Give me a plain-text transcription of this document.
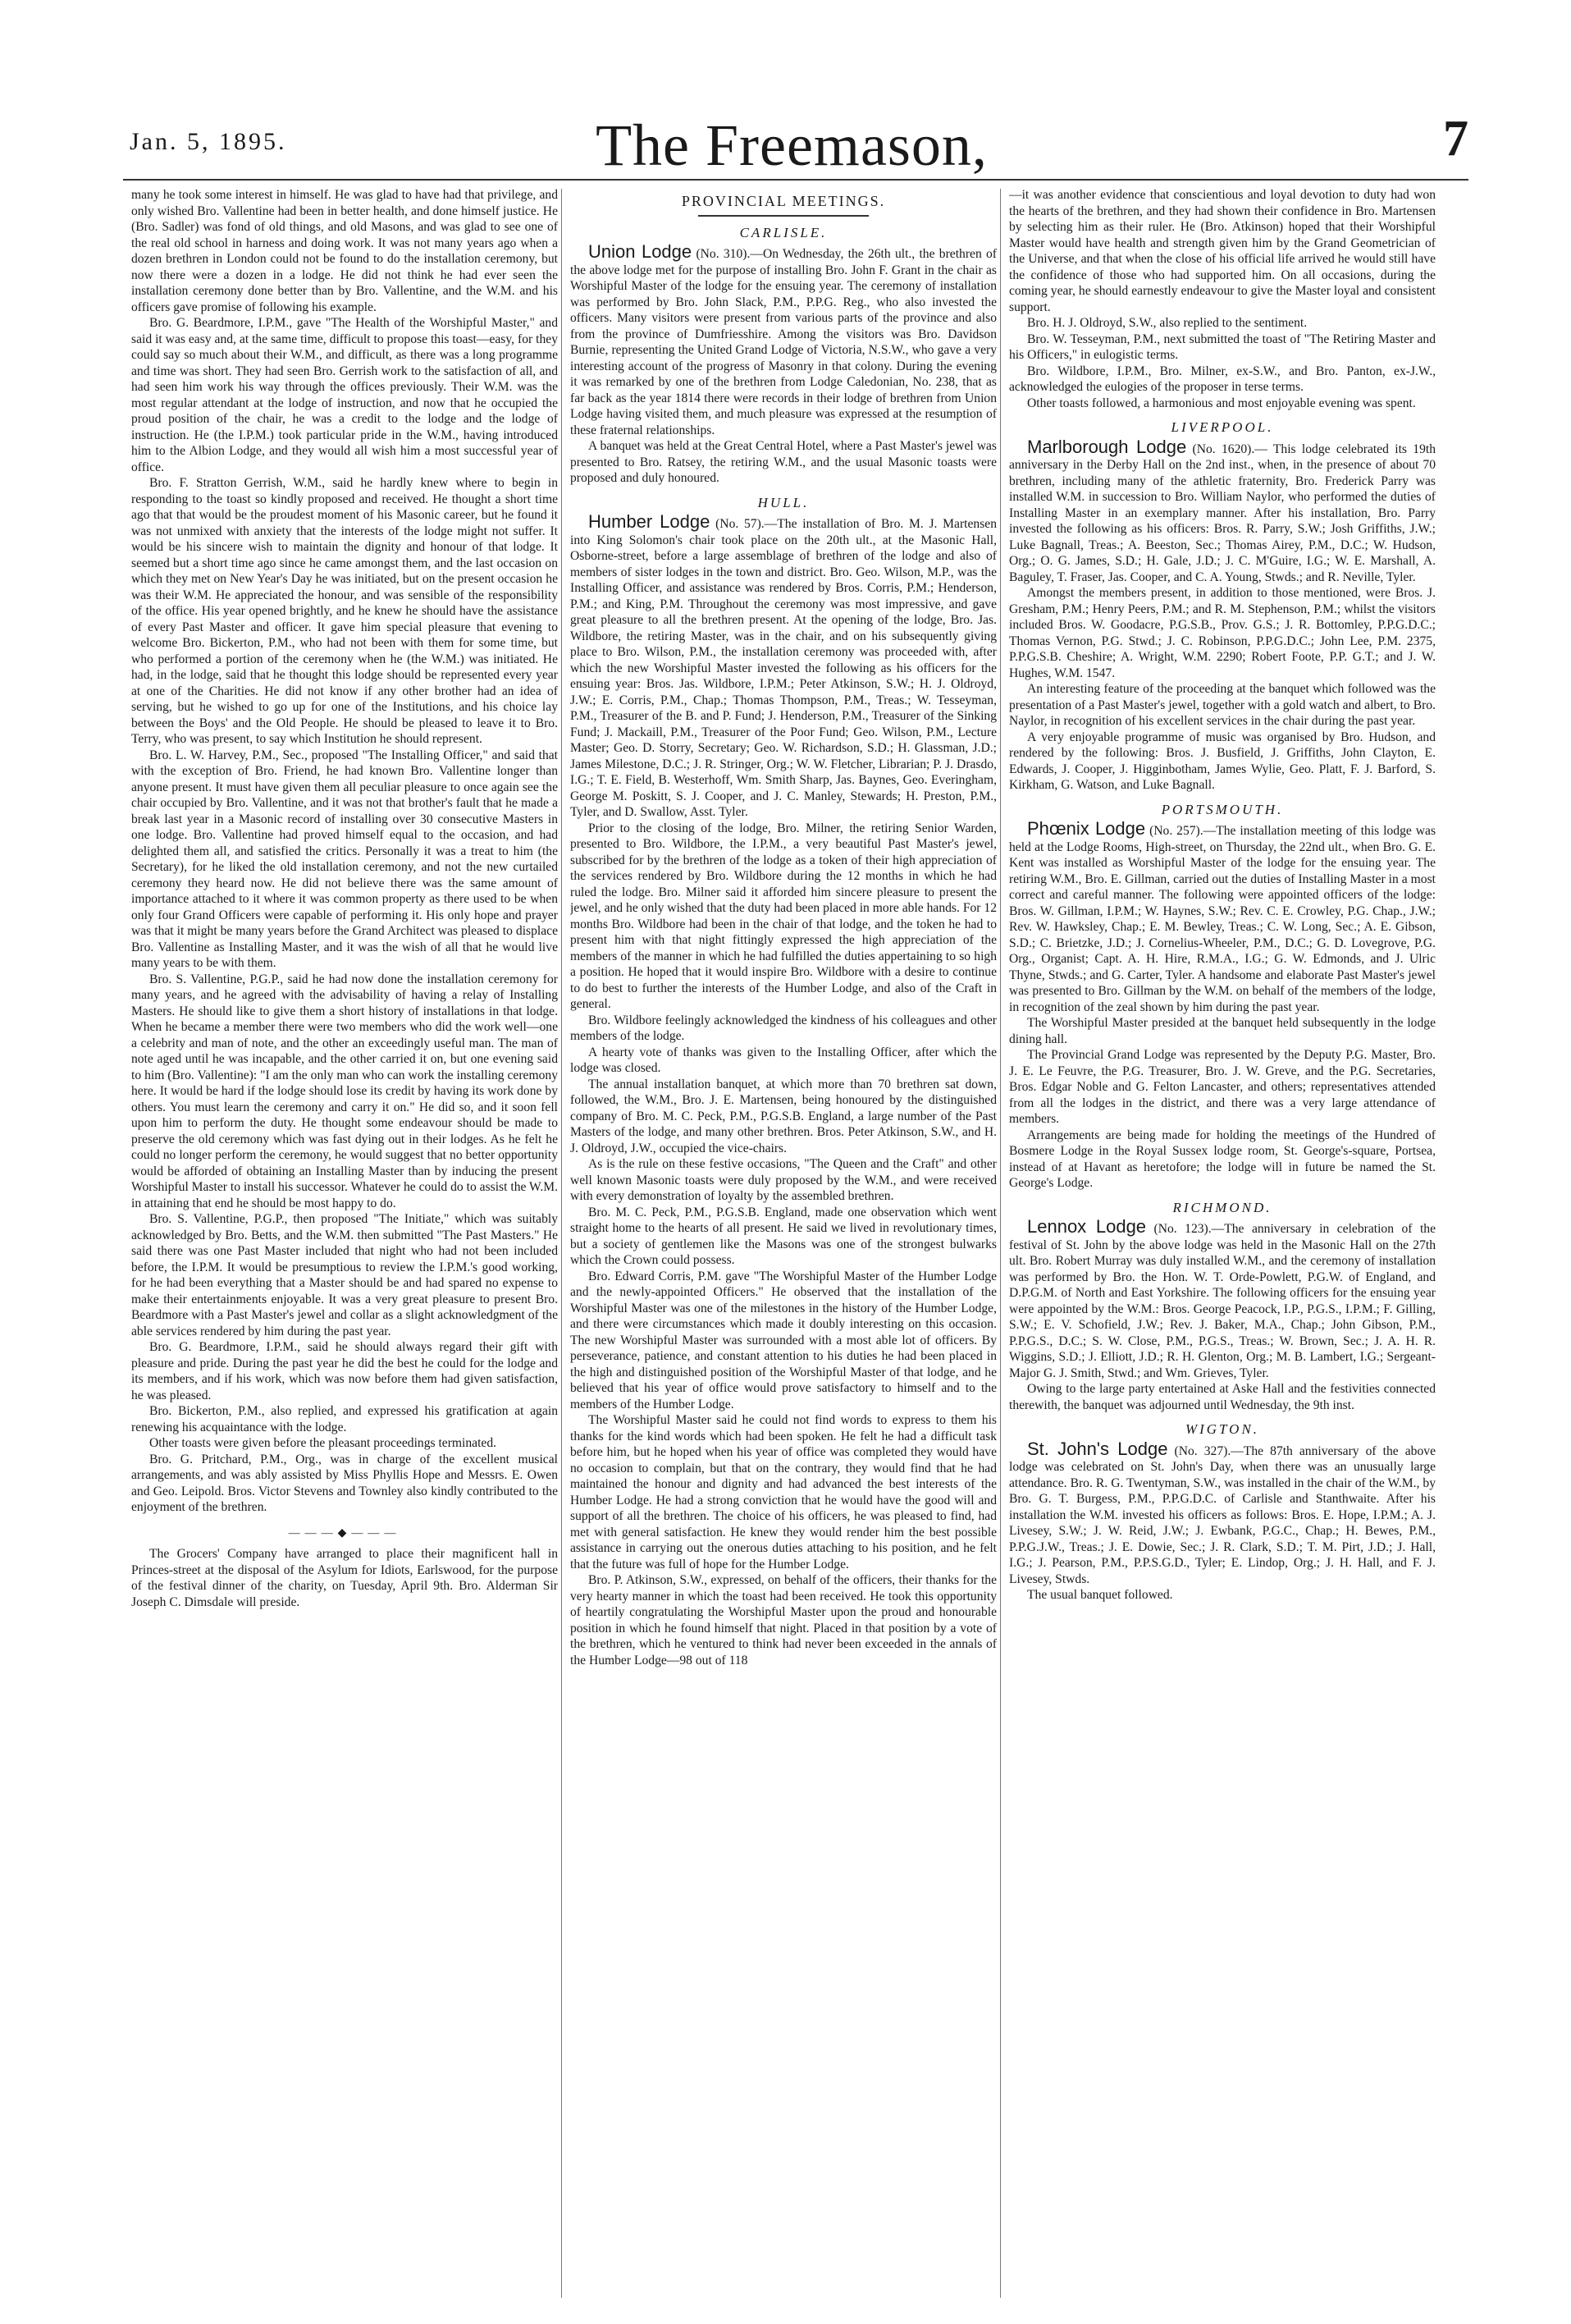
Jan. 5, 1895.	The Freemason,	7

many he took some interest in himself. He was glad to have had that privilege, and only wished Bro. Vallentine had been in better health, and done himself justice. He (Bro. Sadler) was fond of old things, and old Masons, and was glad to see one of the real old school in harness and doing work. It was not many years ago when a dozen brethren in London could not be found to do the installation ceremony, but now there were a dozen in a lodge. He did not think he had ever seen the installation ceremony done better than by Bro. Vallentine, and the W.M. and his officers gave promise of following his example.

Bro. G. Beardmore, I.P.M., gave "The Health of the Worshipful Master," and said it was easy and, at the same time, difficult to propose this toast—easy, for they could say so much about their W.M., and difficult, as there was a long programme and time was short. They had seen Bro. Gerrish work to the satisfaction of all, and had seen him work his way through the offices previously. Their W.M. was the most regular attendant at the lodge of instruction, and now that he occupied the proud position of the chair, he was a credit to the lodge and the lodge of instruction. He (the I.P.M.) took particular pride in the W.M., having introduced him to the Albion Lodge, and they would all wish him a most successful year of office.

Bro. F. Stratton Gerrish, W.M., said he hardly knew where to begin in responding to the toast so kindly proposed and received. He thought a short time ago that that would be the proudest moment of his Masonic career, but he found it was not unmixed with anxiety that the interests of the lodge might not suffer. It would be his sincere wish to maintain the dignity and honour of that lodge. It seemed but a short time ago since he came amongst them, and the last occasion on which they met on New Year's Day he was initiated, but on the present occasion he was their W.M. He appreciated the honour, and was sensible of the responsibility of the office. His year opened brightly, and he knew he should have the assistance of every Past Master and officer. It gave him special pleasure that evening to welcome Bro. Bickerton, P.M., who had not been with them for some time, but who performed a portion of the ceremony when he (the W.M.) was initiated. He had, in the lodge, said that he thought this lodge should be represented every year at one of the Charities. He did not know if any other brother had an idea of serving, but he wished to go up for one of the Institutions, and his choice lay between the Boys' and the Old People. He should be pleased to leave it to Bro. Terry, who was present, to say which Institution he should represent.

Bro. L. W. Harvey, P.M., Sec., proposed "The Installing Officer," and said that with the exception of Bro. Friend, he had known Bro. Vallentine longer than anyone present. It must have given them all peculiar pleasure to once again see the chair occupied by Bro. Vallentine, and it was not that brother's fault that he made a break last year in a Masonic record of installing over 30 consecutive Masters in one lodge. Bro. Vallentine had proved himself equal to the occasion, and had delighted them all, and satisfied the critics. Personally it was a treat to him (the Secretary), for he liked the old installation ceremony, and not the new curtailed ceremony they heard now. He did not believe there was the same amount of importance attached to it where it was common property as there used to be when only four Grand Officers were capable of performing it. His only hope and prayer was that it might be many years before the Grand Architect was pleased to displace Bro. Vallentine as Installing Master, and it was the wish of all that he would live many years to be with them.

Bro. S. Vallentine, P.G.P., said he had now done the installation ceremony for many years, and he agreed with the advisability of having a relay of Installing Masters. He should like to give them a short history of installations in that lodge. When he became a member there were two members who did the work well—one a celebrity and man of note, and the other an exceedingly useful man. The man of note aged until he was incapable, and the other carried it on, but one evening said to him (Bro. Vallentine): "I am the only man who can work the installing ceremony here. It would be hard if the lodge should lose its credit by having its work done by others. You must learn the ceremony and carry it on." He did so, and it soon fell upon him to perform the duty. He thought some endeavour should be made to preserve the old ceremony which was fast dying out in their lodges. As he felt he could no longer perform the ceremony, he would suggest that no better opportunity would be afforded of obtaining an Installing Master than by inducing the present Worshipful Master to install his successor. Whatever he could do to assist the W.M. in attaining that end he should be most happy to do.

Bro. S. Vallentine, P.G.P., then proposed "The Initiate," which was suitably acknowledged by Bro. Betts, and the W.M. then submitted "The Past Masters." He said there was one Past Master included that night who had not been included before, the I.P.M. It would be presumptious to review the I.P.M.'s good working, for he had been everything that a Master should be and had spared no expense to make their entertainments enjoyable. It was a very great pleasure to present Bro. Beardmore with a Past Master's jewel and collar as a slight acknowledgment of the able services rendered by him during the past year.

Bro. G. Beardmore, I.P.M., said he should always regard their gift with pleasure and pride. During the past year he did the best he could for the lodge and its members, and if his work, which was now before them had given satisfaction, he was pleased.

Bro. Bickerton, P.M., also replied, and expressed his gratification at again renewing his acquaintance with the lodge.

Other toasts were given before the pleasant proceedings terminated.

Bro. G. Pritchard, P.M., Org., was in charge of the excellent musical arrangements, and was ably assisted by Miss Phyllis Hope and Messrs. E. Owen and Geo. Leipold. Bros. Victor Stevens and Townley also kindly contributed to the enjoyment of the brethren.

———◆———

The Grocers' Company have arranged to place their magnificent hall in Princes-street at the disposal of the Asylum for Idiots, Earlswood, for the purpose of the festival dinner of the charity, on Tuesday, April 9th. Bro. Alderman Sir Joseph C. Dimsdale will preside.

PROVINCIAL MEETINGS.
CARLISLE.

Union Lodge (No. 310).—On Wednesday, the 26th ult., the brethren of the above lodge met for the purpose of installing Bro. John F. Grant in the chair as Worshipful Master of the lodge for the ensuing year. The ceremony of installation was performed by Bro. John Slack, P.M., P.P.G. Reg., who also invested the officers. Many visitors were present from various parts of the province and also from the province of Dumfriesshire. Among the visitors was Bro. Davidson Burnie, representing the United Grand Lodge of Victoria, N.S.W., who gave a very interesting account of the progress of Masonry in that colony. During the evening it was remarked by one of the brethren from Lodge Caledonian, No. 238, that as far back as the year 1814 there were records in their lodge of brethren from Union Lodge having visited them, and much pleasure was expressed at the resumption of these fraternal relationships.

A banquet was held at the Great Central Hotel, where a Past Master's jewel was presented to Bro. Ratsey, the retiring W.M., and the usual Masonic toasts were proposed and duly honoured.

HULL.

Humber Lodge (No. 57).—The installation of Bro. M. J. Martensen into King Solomon's chair took place on the 20th ult., at the Masonic Hall, Osborne-street, before a large assemblage of brethren of the lodge and also of members of sister lodges in the town and district. Bro. Geo. Wilson, M.P., was the Installing Officer, and assistance was rendered by Bros. Corris, P.M.; Henderson, P.M.; and King, P.M. Throughout the ceremony was most impressive, and gave great pleasure to all the brethren present. At the opening of the lodge, Bro. Jas. Wildbore, the retiring Master, was in the chair, and on his subsequently giving place to Bro. Wilson, P.M., the installation ceremony was proceeded with, after which the new Worshipful Master invested the following as his officers for the ensuing year: Bros. Jas. Wildbore, I.P.M.; Peter Atkinson, S.W.; H. J. Oldroyd, J.W.; E. Corris, P.M., Chap.; Thomas Thompson, P.M., Treas.; W. Tesseyman, P.M., Treasurer of the B. and P. Fund; J. Henderson, P.M., Treasurer of the Sinking Fund; J. Mackaill, P.M., Treasurer of the Poor Fund; Geo. Wilson, P.M., Lecture Master; Geo. D. Storry, Secretary; Geo. W. Richardson, S.D.; H. Glassman, J.D.; James Milestone, D.C.; J. R. Stringer, Org.; W. W. Fletcher, Librarian; P. J. Drasdo, I.G.; T. E. Field, B. Westerhoff, Wm. Smith Sharp, Jas. Baynes, Geo. Everingham, George M. Poskitt, S. J. Cooper, and J. C. Manley, Stewards; H. Preston, P.M., Tyler, and D. Swallow, Asst. Tyler.

Prior to the closing of the lodge, Bro. Milner, the retiring Senior Warden, presented to Bro. Wildbore, the I.P.M., a very beautiful Past Master's jewel, subscribed for by the brethren of the lodge as a token of their high appreciation of the services rendered by Bro. Wildbore during the 12 months in which he had ruled the lodge. Bro. Milner said it afforded him sincere pleasure to present the jewel, and he only wished that the duty had been placed in more able hands. For 12 months Bro. Wildbore had been in the chair of that lodge, and the token he had to present him with that night fittingly expressed the high appreciation of the members of the manner in which he had fulfilled the duties appertaining to so high a position. He hoped that it would inspire Bro. Wildbore with a desire to continue to do best to further the interests of the Humber Lodge, and also of the Craft in general.

Bro. Wildbore feelingly acknowledged the kindness of his colleagues and other members of the lodge.

A hearty vote of thanks was given to the Installing Officer, after which the lodge was closed.

The annual installation banquet, at which more than 70 brethren sat down, followed, the W.M., Bro. J. E. Martensen, being honoured by the distinguished company of Bro. M. C. Peck, P.M., P.G.S.B. England, a large number of the Past Masters of the lodge, and many other brethren. Bros. Peter Atkinson, S.W., and H. J. Oldroyd, J.W., occupied the vice-chairs.

As is the rule on these festive occasions, "The Queen and the Craft" and other well known Masonic toasts were duly proposed by the W.M., and were received with every demonstration of loyalty by the assembled brethren.

Bro. M. C. Peck, P.M., P.G.S.B. England, made one observation which went straight home to the hearts of all present. He said we lived in revolutionary times, but a society of gentlemen like the Masons was one of the strongest bulwarks which the Crown could possess.

Bro. Edward Corris, P.M. gave "The Worshipful Master of the Humber Lodge and the newly-appointed Officers." He observed that the installation of the Worshipful Master was one of the milestones in the history of the Humber Lodge, and there were circumstances which made it doubly interesting on this occasion. The new Worshipful Master was surrounded with a most able lot of officers. By perseverance, patience, and constant attention to his duties he had been placed in the high and distinguished position of the Worshipful Master of that lodge, and he believed that his year of office would prove satisfactory to himself and to the members of the Humber Lodge.

The Worshipful Master said he could not find words to express to them his thanks for the kind words which had been spoken. He felt he had a difficult task before him, but he hoped when his year of office was completed they would have no occasion to complain, but that on the contrary, they would find that he had maintained the honour and dignity and had advanced the best interests of the Humber Lodge. He had a strong conviction that he would have the good will and support of all the brethren. The choice of his officers, he was pleased to find, had met with general satisfaction. He knew they would render him the best possible assistance in carrying out the onerous duties attaching to his position, and he felt that the future was full of hope for the Humber Lodge.

Bro. P. Atkinson, S.W., expressed, on behalf of the officers, their thanks for the very hearty manner in which the toast had been received. He took this opportunity of heartily congratulating the Worshipful Master upon the proud and honourable position in which he found himself that night. Placed in that position by a vote of the brethren, which he ventured to think had never been exceeded in the annals of the Humber Lodge—98 out of 118

—it was another evidence that conscientious and loyal devotion to duty had won the hearts of the brethren, and they had shown their confidence in Bro. Martensen by selecting him as their ruler. He (Bro. Atkinson) hoped that their Worshipful Master would have health and strength given him by the Grand Geometrician of the Universe, and that when the close of his official life arrived he would still have the confidence of those who had supported him. On all occasions, during the coming year, he should earnestly endeavour to give the Master loyal and consistent support.

Bro. H. J. Oldroyd, S.W., also replied to the sentiment.

Bro. W. Tesseyman, P.M., next submitted the toast of "The Retiring Master and his Officers," in eulogistic terms.

Bro. Wildbore, I.P.M., Bro. Milner, ex-S.W., and Bro. Panton, ex-J.W., acknowledged the eulogies of the proposer in terse terms.

Other toasts followed, a harmonious and most enjoyable evening was spent.

LIVERPOOL.

Marlborough Lodge (No. 1620).— This lodge celebrated its 19th anniversary in the Derby Hall on the 2nd inst., when, in the presence of about 70 brethren, including many of the athletic fraternity, Bro. Frederick Parry was installed W.M. in succession to Bro. William Naylor, who performed the duties of Installing Master in an exemplary manner. After his installation, Bro. Parry invested the following as his officers: Bros. R. Parry, S.W.; Josh Griffiths, J.W.; Luke Bagnall, Treas.; A. Beeston, Sec.; Thomas Airey, P.M., D.C.; W. Hudson, Org.; O. G. James, S.D.; H. Gale, J.D.; J. C. M'Guire, I.G.; W. E. Marshall, A. Baguley, T. Fraser, Jas. Cooper, and C. A. Young, Stwds.; and R. Neville, Tyler.

Amongst the members present, in addition to those mentioned, were Bros. J. Gresham, P.M.; Henry Peers, P.M.; and R. M. Stephenson, P.M.; whilst the visitors included Bros. W. Goodacre, P.G.S.B., Prov. G.S.; J. R. Bottomley, P.P.G.D.C.; Thomas Vernon, P.G. Stwd.; J. C. Robinson, P.P.G.D.C.; John Lee, P.M. 2375, P.P.G.S.B. Cheshire; A. Wright, W.M. 2290; Robert Foote, P.P. G.T.; and J. W. Hughes, W.M. 1547.

An interesting feature of the proceeding at the banquet which followed was the presentation of a Past Master's jewel, together with a gold watch and albert, to Bro. Naylor, in recognition of his excellent services in the chair during the past year.

A very enjoyable programme of music was organised by Bro. Hudson, and rendered by the following: Bros. J. Busfield, J. Griffiths, John Clayton, E. Edwards, J. Cooper, J. Higginbotham, James Wylie, Geo. Platt, F. J. Barford, S. Kirkham, G. Watson, and Luke Bagnall.

PORTSMOUTH.

Phœnix Lodge (No. 257).—The installation meeting of this lodge was held at the Lodge Rooms, High-street, on Thursday, the 22nd ult., when Bro. G. E. Kent was installed as Worshipful Master of the lodge for the ensuing year. The retiring W.M., Bro. E. Gillman, carried out the duties of Installing Master in a most correct and careful manner. The following were appointed officers of the lodge: Bros. W. Gillman, I.P.M.; W. Haynes, S.W.; Rev. C. E. Crowley, P.G. Chap., J.W.; Rev. W. Hawksley, Chap.; E. M. Bewley, Treas.; C. W. Long, Sec.; A. E. Gibson, S.D.; C. Brietzke, J.D.; J. Cornelius-Wheeler, P.M., D.C.; G. D. Lovegrove, P.G. Org., Organist; Capt. A. H. Hire, R.M.A., I.G.; G. W. Edmonds, and J. Ulric Thyne, Stwds.; and G. Carter, Tyler. A handsome and elaborate Past Master's jewel was presented to Bro. Gillman by the W.M. on behalf of the members of the lodge, in recognition of the zeal shown by him during the past year.

The Worshipful Master presided at the banquet held subsequently in the lodge dining hall.

The Provincial Grand Lodge was represented by the Deputy P.G. Master, Bro. J. E. Le Feuvre, the P.G. Treasurer, Bro. J. W. Greve, and the P.G. Secretaries, Bros. Edgar Noble and G. Felton Lancaster, and others; representatives attended from all the lodges in the district, and there was a very large attendance of members.

Arrangements are being made for holding the meetings of the Hundred of Bosmere Lodge in the Royal Sussex lodge room, St. George's-square, Portsea, instead of at Havant as heretofore; the lodge will in future be named the St. George's Lodge.

RICHMOND.

Lennox Lodge (No. 123).—The anniversary in celebration of the festival of St. John by the above lodge was held in the Masonic Hall on the 27th ult. Bro. Robert Murray was duly installed W.M., and the ceremony of installation was performed by Bro. the Hon. W. T. Orde-Powlett, P.G.W. of England, and D.P.G.M. of North and East Yorkshire. The following officers for the ensuing year were appointed by the W.M.: Bros. George Peacock, I.P., P.G.S., I.P.M.; F. Gilling, S.W.; E. V. Schofield, J.W.; Rev. J. Baker, M.A., Chap.; John Gibson, P.M., P.P.G.S., D.C.; S. W. Close, P.M., P.G.S., Treas.; W. Brown, Sec.; J. A. H. R. Wiggins, S.D.; J. Elliott, J.D.; R. H. Glenton, Org.; M. B. Lambert, I.G.; Sergeant-Major G. J. Smith, Stwd.; and Wm. Grieves, Tyler.

Owing to the large party entertained at Aske Hall and the festivities connected therewith, the banquet was adjourned until Wednesday, the 9th inst.

WIGTON.

St. John's Lodge (No. 327).—The 87th anniversary of the above lodge was celebrated on St. John's Day, when there was an unusually large attendance. Bro. R. G. Twentyman, S.W., was installed in the chair of the W.M., by Bro. G. T. Burgess, P.M., P.P.G.D.C. of Carlisle and Stanthwaite. After his installation the W.M. invested his officers as follows: Bros. E. Hope, I.P.M.; A. J. Livesey, S.W.; J. W. Reid, J.W.; J. Ewbank, P.G.C., Chap.; H. Bewes, P.M., P.P.G.J.W., Treas.; J. E. Dowie, Sec.; J. R. Clark, S.D.; T. M. Pirt, J.D.; J. Hall, I.G.; J. Pearson, P.M., P.P.S.G.D., Tyler; E. Lindop, Org.; J. H. Hall, and F. J. Livesey, Stwds.

The usual banquet followed.
